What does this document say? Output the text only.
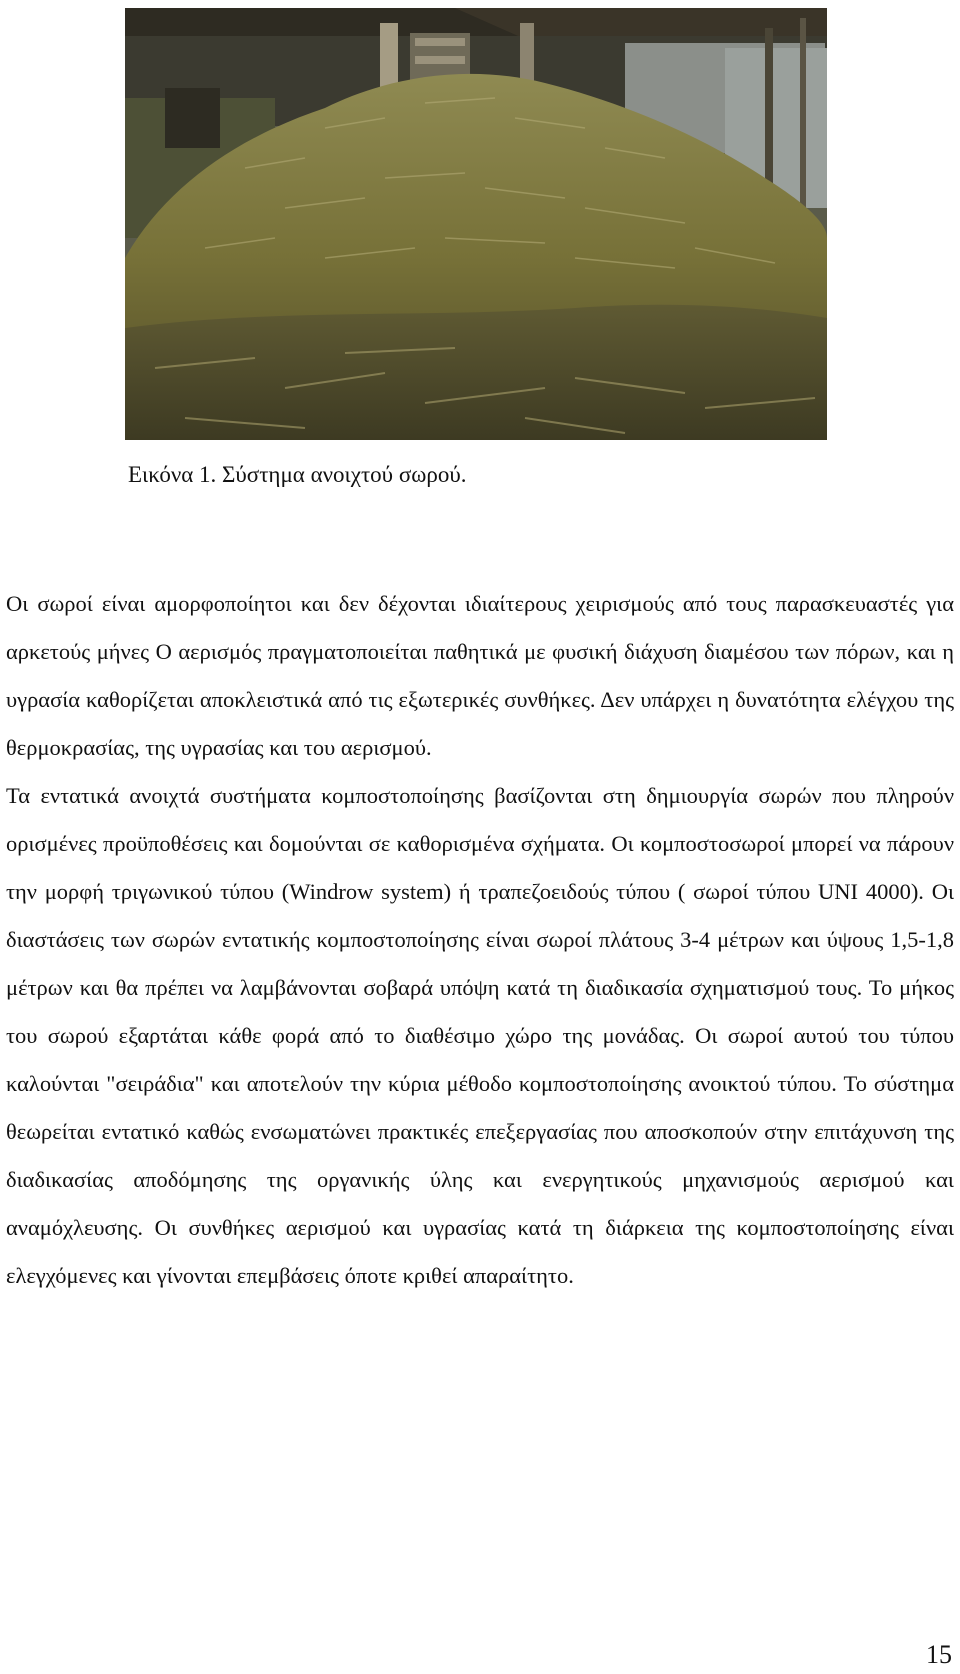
Εικόνα 1. Σύστημα ανοιχτού σωρού.

Οι σωροί είναι αμορφοποίητοι και δεν δέχονται ιδιαίτερους χειρισμούς από τους παρασκευαστές για αρκετούς μήνες Ο αερισμός πραγματοποιείται παθητικά με φυσική διάχυση διαμέσου των πόρων, και η υγρασία καθορίζεται αποκλειστικά από τις εξωτερικές συνθήκες. Δεν υπάρχει η δυνατότητα ελέγχου της θερμοκρασίας, της υγρασίας και του αερισμού.

Τα εντατικά ανοιχτά συστήματα κομποστοποίησης βασίζονται στη δημιουργία σωρών που πληρούν ορισμένες προϋποθέσεις και δομούνται σε καθορισμένα σχήματα. Οι κομποστοσωροί μπορεί να πάρουν την μορφή τριγωνικού τύπου (Windrow system) ή τραπεζοειδούς τύπου ( σωροί τύπου UNI 4000). Οι διαστάσεις των σωρών εντατικής κομποστοποίησης είναι σωροί πλάτους 3-4 μέτρων και ύψους 1,5-1,8 μέτρων και θα πρέπει να λαμβάνονται σοβαρά υπόψη κατά τη διαδικασία σχηματισμού τους. Το μήκος του σωρού εξαρτάται κάθε φορά από το διαθέσιμο χώρο της μονάδας. Οι σωροί αυτού του τύπου καλούνται "σειράδια" και αποτελούν την κύρια μέθοδο κομποστοποίησης ανοικτού τύπου. Το σύστημα θεωρείται εντατικό καθώς ενσωματώνει πρακτικές επεξεργασίας που αποσκοπούν στην επιτάχυνση της διαδικασίας αποδόμησης της οργανικής ύλης και ενεργητικούς μηχανισμούς αερισμού και αναμόχλευσης. Οι συνθήκες αερισμού και υγρασίας κατά τη διάρκεια της κομποστοποίησης είναι ελεγχόμενες και γίνονται επεμβάσεις όποτε κριθεί απαραίτητο.

15
